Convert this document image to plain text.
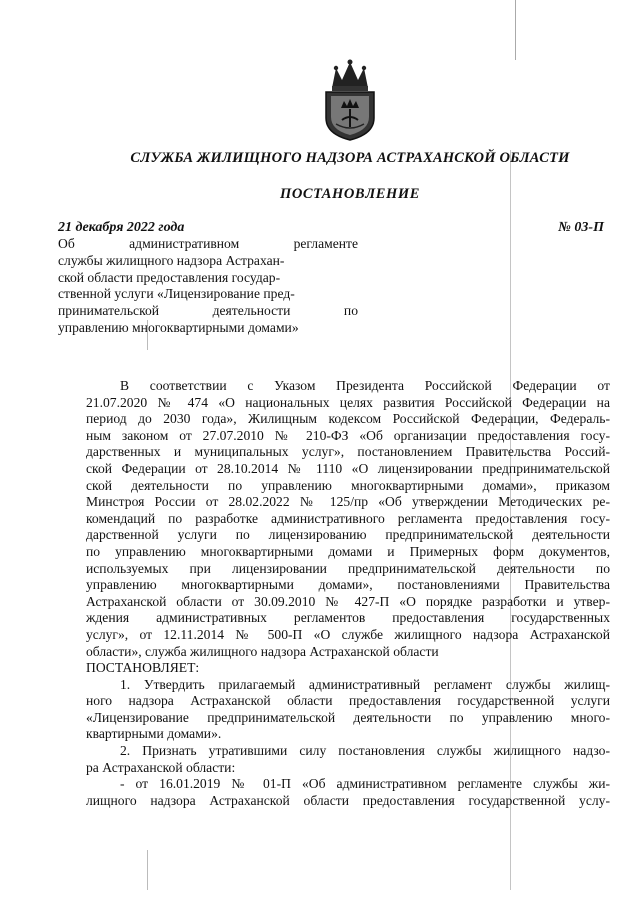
СЛУЖБА ЖИЛИЩНОГО НАДЗОРА АСТРАХАНСКОЙ ОБЛАСТИ
ПОСТАНОВЛЕНИЕ
21 декабря 2022 года	№ 03-П
Об административном регламенте
службы жилищного надзора Астрахан-
ской области предоставления государ-
ственной услуги «Лицензирование пред-
принимательской деятельности по
управлению многоквартирными домами»
В соответствии с Указом Президента Российской Федерации от
21.07.2020 № 474 «О национальных целях развития Российской Федерации на
период до 2030 года», Жилищным кодексом Российской Федерации, Федераль-
ным законом от 27.07.2010 № 210-ФЗ «Об организации предоставления госу-
дарственных и муниципальных услуг», постановлением Правительства Россий-
ской Федерации от 28.10.2014 № 1110 «О лицензировании предпринимательской
ской деятельности по управлению многоквартирными домами», приказом
Минстроя России от 28.02.2022 № 125/пр «Об утверждении Методических ре-
комендаций по разработке административного регламента предоставления госу-
дарственной услуги по лицензированию предпринимательской деятельности
по управлению многоквартирными домами и Примерных форм документов,
используемых при лицензировании предпринимательской деятельности по
управлению многоквартирными домами», постановлениями Правительства
Астраханской области от 30.09.2010 № 427-П «О порядке разработки и утвер-
ждения административных регламентов предоставления государственных
услуг», от 12.11.2014 № 500-П «О службе жилищного надзора Астраханской
области», служба жилищного надзора Астраханской области
ПОСТАНОВЛЯЕТ:
1. Утвердить прилагаемый административный регламент службы жилищ-
ного надзора Астраханской области предоставления государственной услуги
«Лицензирование предпринимательской деятельности по управлению много-
квартирными домами».
2. Признать утратившими силу постановления службы жилищного надзо-
ра Астраханской области:
- от 16.01.2019 № 01-П «Об административном регламенте службы жи-
лищного надзора Астраханской области предоставления государственной услу-
